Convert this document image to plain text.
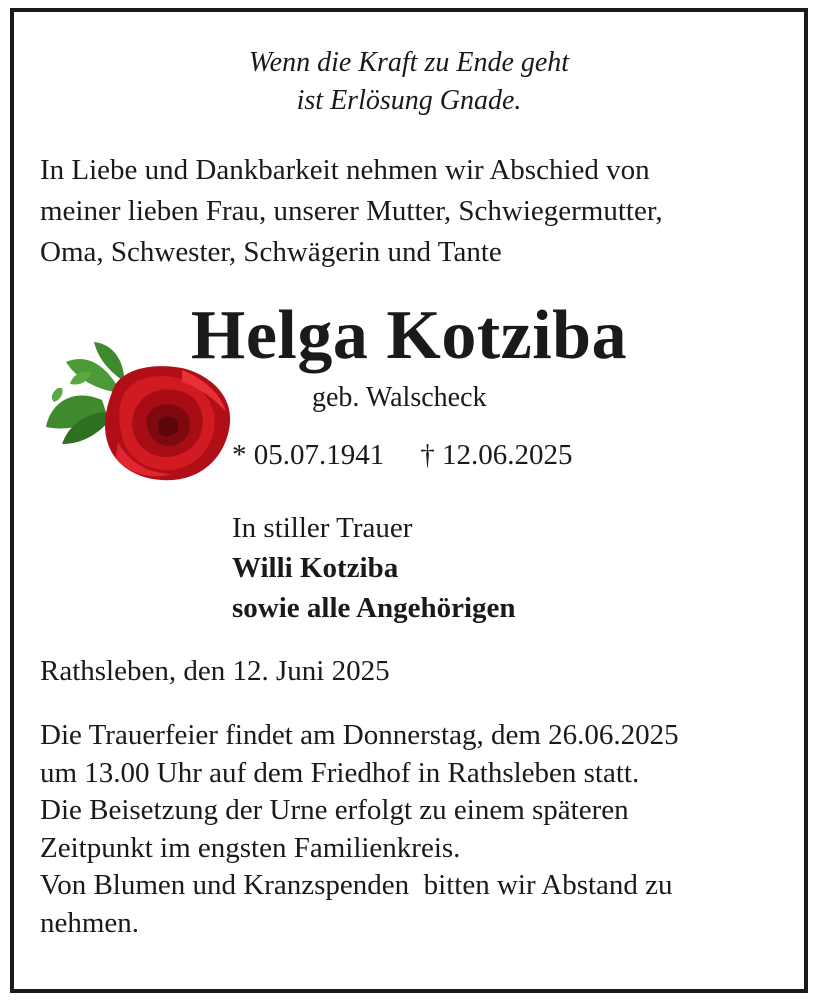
Wenn die Kraft zu Ende geht
ist Erlösung Gnade.
In Liebe und Dankbarkeit nehmen wir Abschied von
meiner lieben Frau, unserer Mutter, Schwiegermutter,
Oma, Schwester, Schwägerin und Tante
Helga Kotziba
geb. Walscheck
* 05.07.1941 † 12.06.2025
In stiller Trauer
Willi Kotziba
sowie alle Angehörigen
Rathsleben, den 12. Juni 2025

Die Trauerfeier findet am Donnerstag, dem 26.06.2025

um 13.00 Uhr auf dem Friedhof in Rathsleben statt.

Die Beisetzung der Urne erfolgt zu einem späteren

Zeitpunkt im engsten Familienkreis.

Von Blumen und Kranzspenden  bitten wir Abstand zu

nehmen.
